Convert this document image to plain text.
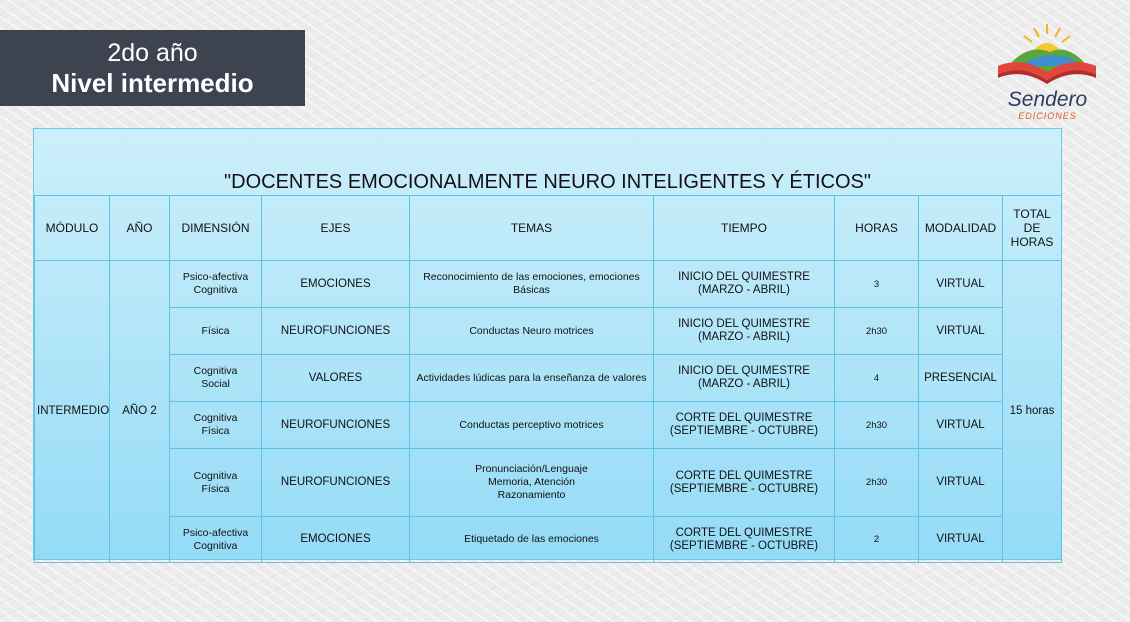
2do año
Nivel intermedio
Sendero
EDICIONES
"DOCENTES EMOCIONALMENTE NEURO INTELIGENTES Y ÉTICOS"
MÓDULO	AÑO	DIMENSIÓN	EJES	TEMAS	TIEMPO	HORAS	MODALIDAD	TOTAL DE HORAS
INTERMEDIO	AÑO 2	Psico-afectiva
Cognitiva	EMOCIONES	Reconocimiento de las emociones, emociones
Básicas	INICIO DEL QUIMESTRE
(MARZO - ABRIL)	3	VIRTUAL	15 horas

		Física	NEUROFUNCIONES	Conductas Neuro motrices	INICIO DEL QUIMESTRE
(MARZO - ABRIL)	2h30	VIRTUAL	

		Cognitiva
Social	VALORES	Actividades lúdicas para la enseñanza de valores	INICIO DEL QUIMESTRE
(MARZO - ABRIL)	4	PRESENCIAL	

		Cognitiva
Física	NEUROFUNCIONES	Conductas perceptivo motrices	CORTE DEL QUIMESTRE
(SEPTIEMBRE - OCTUBRE)	2h30	VIRTUAL	

		Cognitiva
Física	NEUROFUNCIONES	Pronunciación/Lenguaje
Memoria, Atención
Razonamiento	CORTE DEL QUIMESTRE
(SEPTIEMBRE - OCTUBRE)	2h30	VIRTUAL	

		Psico-afectiva
Cognitiva	EMOCIONES	Etiquetado de las emociones	CORTE DEL QUIMESTRE
(SEPTIEMBRE - OCTUBRE)	2	VIRTUAL	
